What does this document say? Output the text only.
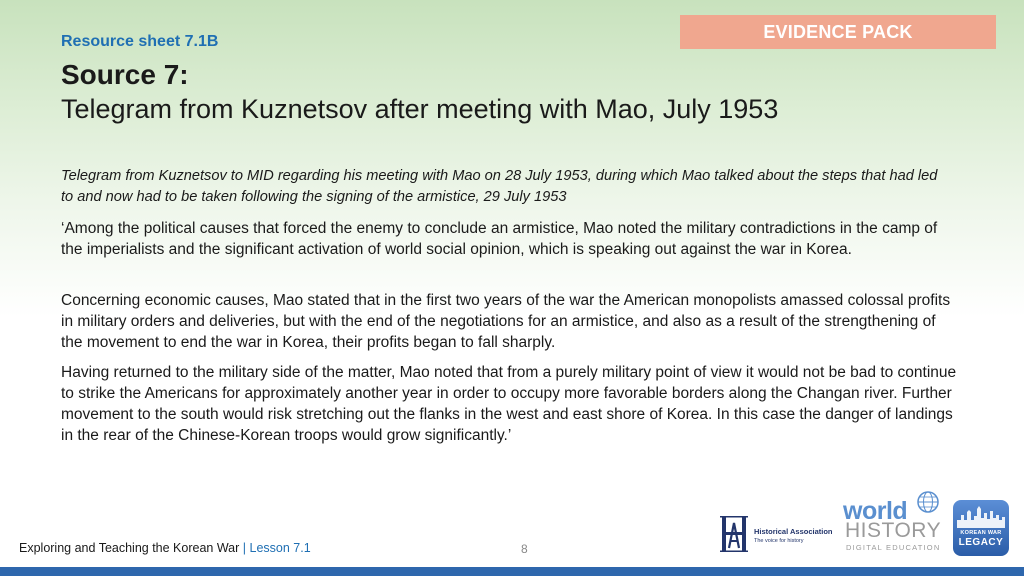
EVIDENCE PACK
Resource sheet 7.1B
Source 7:
Telegram from Kuznetsov after meeting with Mao, July 1953
Telegram from Kuznetsov to MID regarding his meeting with Mao on 28 July 1953, during which Mao talked about the steps that had led to and now had to be taken following the signing of the armistice, 29 July 1953

‘Among the political causes that forced the enemy to conclude an armistice, Mao noted the military contradictions in the camp of the imperialists and the significant activation of world social opinion, which is speaking out against the war in Korea.

Concerning economic causes, Mao stated that in the first two years of the war the American monopolists amassed colossal profits in military orders and deliveries, but with the end of the negotiations for an armistice, and also as a result of the strengthening of the movement to end the war in Korea, their profits began to fall sharply.

Having returned to the military side of the matter, Mao noted that from a purely military point of view it would not be bad to continue to strike the Americans for approximately another year in order to occupy more favorable borders along the Changan river. Further movement to the south would risk stretching out the flanks in the west and east shore of Korea. In this case the danger of landings in the rear of the Chinese-Korean troops would grow significantly.’

Exploring and Teaching the Korean War | Lesson 7.1	8
Historical Association
The voice for history
world
HISTORY
DIGITAL EDUCATION
KOREAN WAR
LEGACY
